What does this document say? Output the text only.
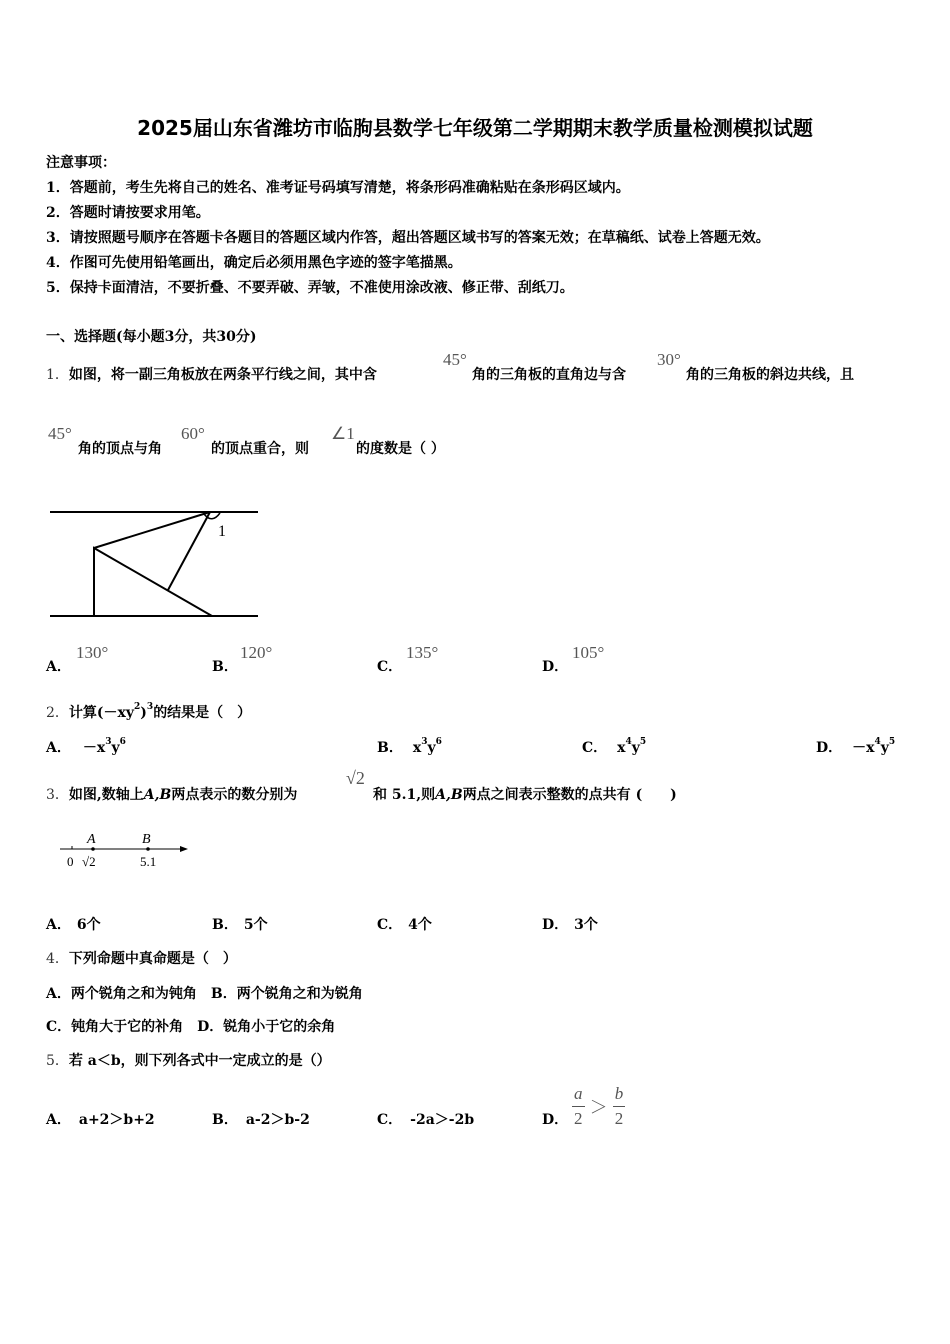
2025届山东省潍坊市临朐县数学七年级第二学期期末教学质量检测模拟试题
注意事项：
1．答题前，考生先将自己的姓名、准考证号码填写清楚，将条形码准确粘贴在条形码区域内。
2．答题时请按要求用笔。
3．请按照题号顺序在答题卡各题目的答题区域内作答，超出答题区域书写的答案无效；在草稿纸、试卷上答题无效。
4．作图可先使用铅笔画出，确定后必须用黑色字迹的签字笔描黑。
5．保持卡面清洁，不要折叠、不要弄破、弄皱，不准使用涂改液、修正带、刮纸刀。
一、选择题(每小题3分，共30分)
1．如图，将一副三角板放在两条平行线之间，其中含
45°
角的三角板的直角边与含
30°
角的三角板的斜边共线，且
45°
角的顶点与角
60°
的顶点重合，则
∠1
的度数是（ ）
1
A．
130°
B．
120°
C．
135°
D．
105°
2．计算$(-xy^2)^3$的结果是（　）
A． $-x^3y^6$	B． $x^3y^6$	C． $x^4y^5$	D． $-x^4y^5$
3．如图,数轴上A,B两点表示的数分别为
√2
和 5.1,则A,B两点之间表示整数的点共有 (　　)
A	B
0 √2	5.1
A． 6个	B． 5个	C． 4个	D． 3个
4．下列命题中真命题是（　）
A．两个锐角之和为钝角 B．两个锐角之和为锐角
C．钝角大于它的补角 D．锐角小于它的余角
5．若 a＜b，则下列各式中一定成立的是（）
A． a+2＞b+2	B． a-2＞b-2	C． -2a＞-2b	D． $\frac{a}{2} > \frac{b}{2}$
